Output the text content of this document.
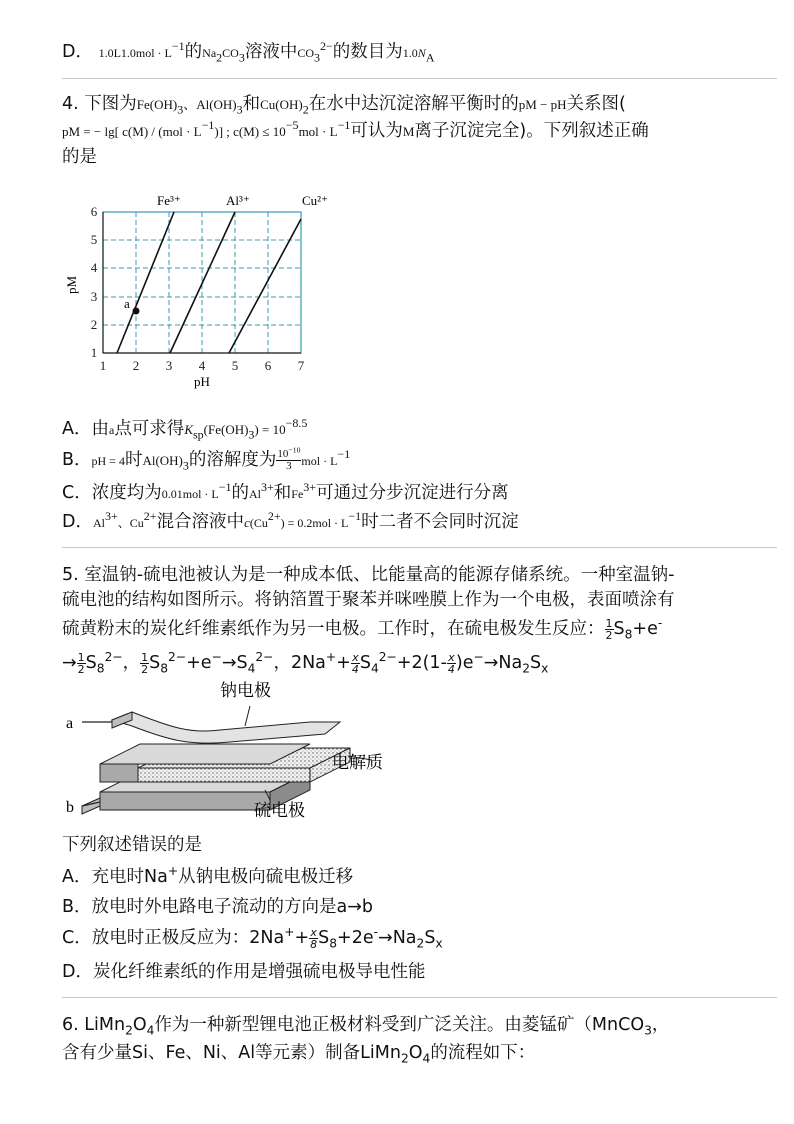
D． $1.0L1.0mol \cdot L^{-1}$的$Na_2CO_3$溶液中$CO_3^{2-}$的数目为$1.0N_A$
4. 下图为$Fe(OH)_3$、$Al(OH)_3$和$Cu(OH)_2$在水中达沉淀溶解平衡时的pM − pH关系图(
pM = − lg[ $c(M) / (mol \cdot L^{-1})$] ; $c(M) \le 10^{-5}mol \cdot L^{-1}$可认为M离子沉淀完全)。下列叙述正确
的是
1 2 3 4 5 6 7
1
2
3
4
5
6
pH
pM
a
Fe³⁺	Al³⁺	Cu²⁺
A．由a点可求得$K_{sp}(Fe(OH)_3) = 10^{-8.5}$
B．pH = 4时$Al(OH)_3$的溶解度为 $\frac{10^{-10}}{3}$ mol · $L^{-1}$
C．浓度均为$0.01mol \cdot L^{-1}$的$Al^{3+}$和$Fe^{3+}$可通过分步沉淀进行分离
D．$Al^{3+}$、$Cu^{2+}$混合溶液中$c(Cu^{2+}) = 0.2mol \cdot L^{-1}$时二者不会同时沉淀
5. 室温钠-硫电池被认为是一种成本低、比能量高的能源存储系统。一种室温钠-
硫电池的结构如图所示。将钠箔置于聚苯并咪唑膜上作为一个电极，表面喷涂有
硫黄粉末的炭化纤维素纸作为另一电极。工作时，在硫电极发生反应： $\frac{1}{2} S_8+e^-$
→ $\frac{1}{2} S_8^{2-}$， $\frac{1}{2} S_8^{2-}+e^-\to S_4^{2-}$，$2Na^++ \frac{x}{4} S_4^{2-}+2(1- \frac{x}{4} )e^-\to Na_2S_x$
a
b
钠电极
电解质
硫电极
下列叙述错误的是
A．充电时Na+从钠电极向硫电极迁移
B．放电时外电路电子流动的方向是a→b
C．放电时正极反应为：$2Na^++ \frac{x}{8} S_8+2e^-\to Na_2S_x$
D．炭化纤维素纸的作用是增强硫电极导电性能
6. $LiMn_2O_4$作为一种新型锂电池正极材料受到广泛关注。由菱锰矿（MnCO$_3$，
含有少量Si、Fe、Ni、Al等元素）制备$LiMn_2O_4$的流程如下：
